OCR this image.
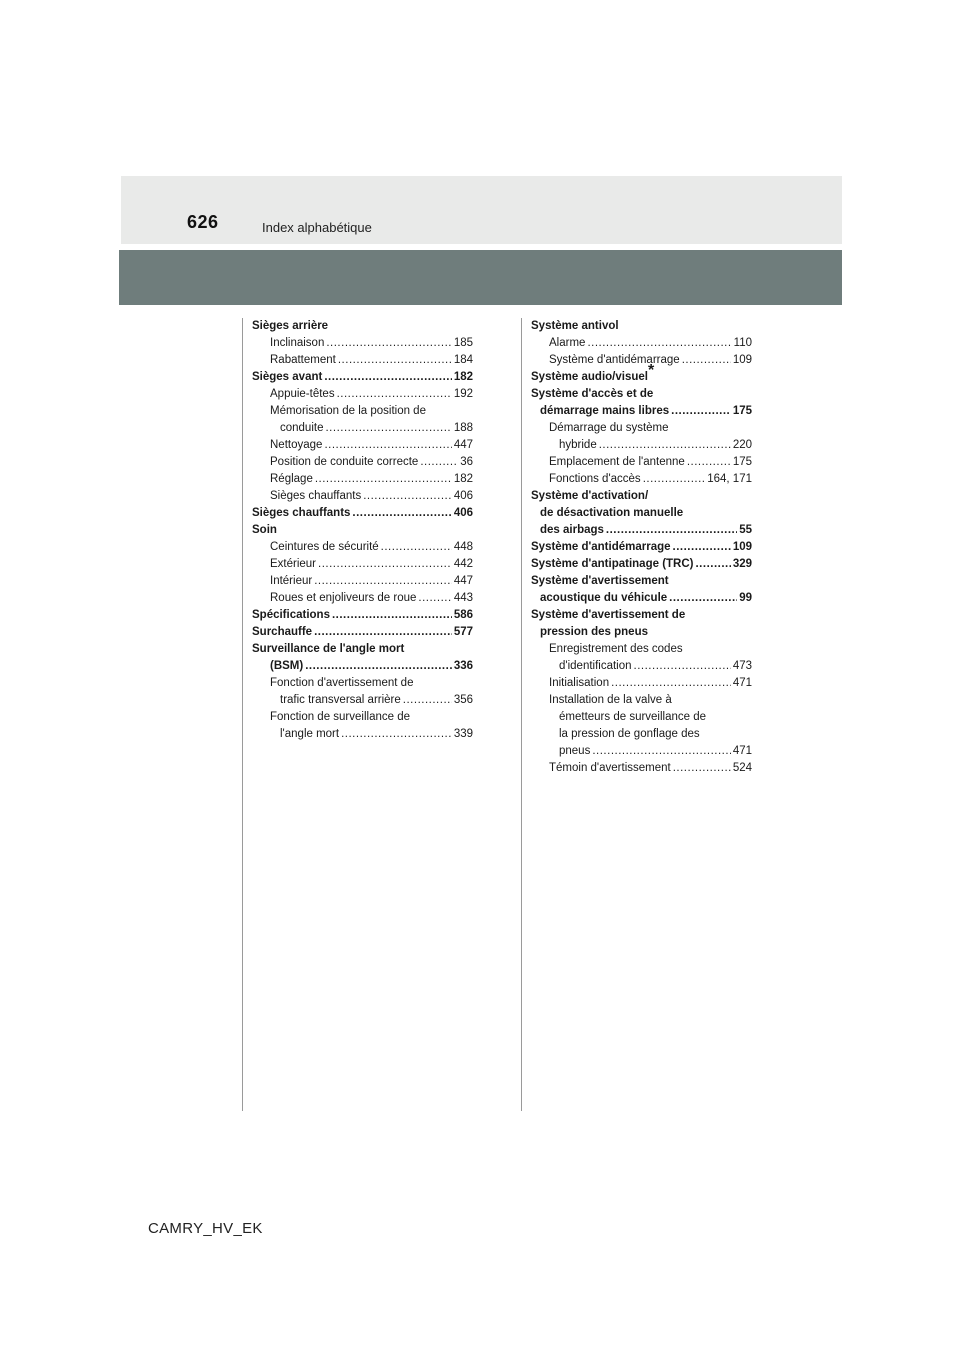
626	Index alphabétique
Sièges arrière
Inclinaison .....	185
Rabattement .....	184
Sièges avant .....	182
Appuie-têtes .....	192
Mémorisation de la position de
conduite .....	188
Nettoyage .....	447
Position de conduite correcte .....	36
Réglage .....	182
Sièges chauffants .....	406
Sièges chauffants .....	406
Soin
Ceintures de sécurité .....	448
Extérieur .....	442
Intérieur .....	447
Roues et enjoliveurs de roue .....	443
Spécifications .....	586
Surchauffe .....	577
Surveillance de l'angle mort
(BSM) .....	336
Fonction d'avertissement de
trafic transversal arrière .....	356
Fonction de surveillance de
l'angle mort .....	339
Système antivol
Alarme .....	110
Système d'antidémarrage .....	109
Système audio/visuel*
Système d'accès et de
démarrage mains libres .....	175
Démarrage du système
hybride .....	220
Emplacement de l'antenne .....	175
Fonctions d'accès .....	164, 171
Système d'activation/
de désactivation manuelle
des airbags .....	55
Système d'antidémarrage .....	109
Système d'antipatinage (TRC) .....	329
Système d'avertissement
acoustique du véhicule .....	99
Système d'avertissement de
pression des pneus
Enregistrement des codes
d'identification .....	473
Initialisation .....	471
Installation de la valve à
émetteurs de surveillance de
la pression de gonflage des
pneus .....	471
Témoin d'avertissement .....	524
CAMRY_HV_EK
